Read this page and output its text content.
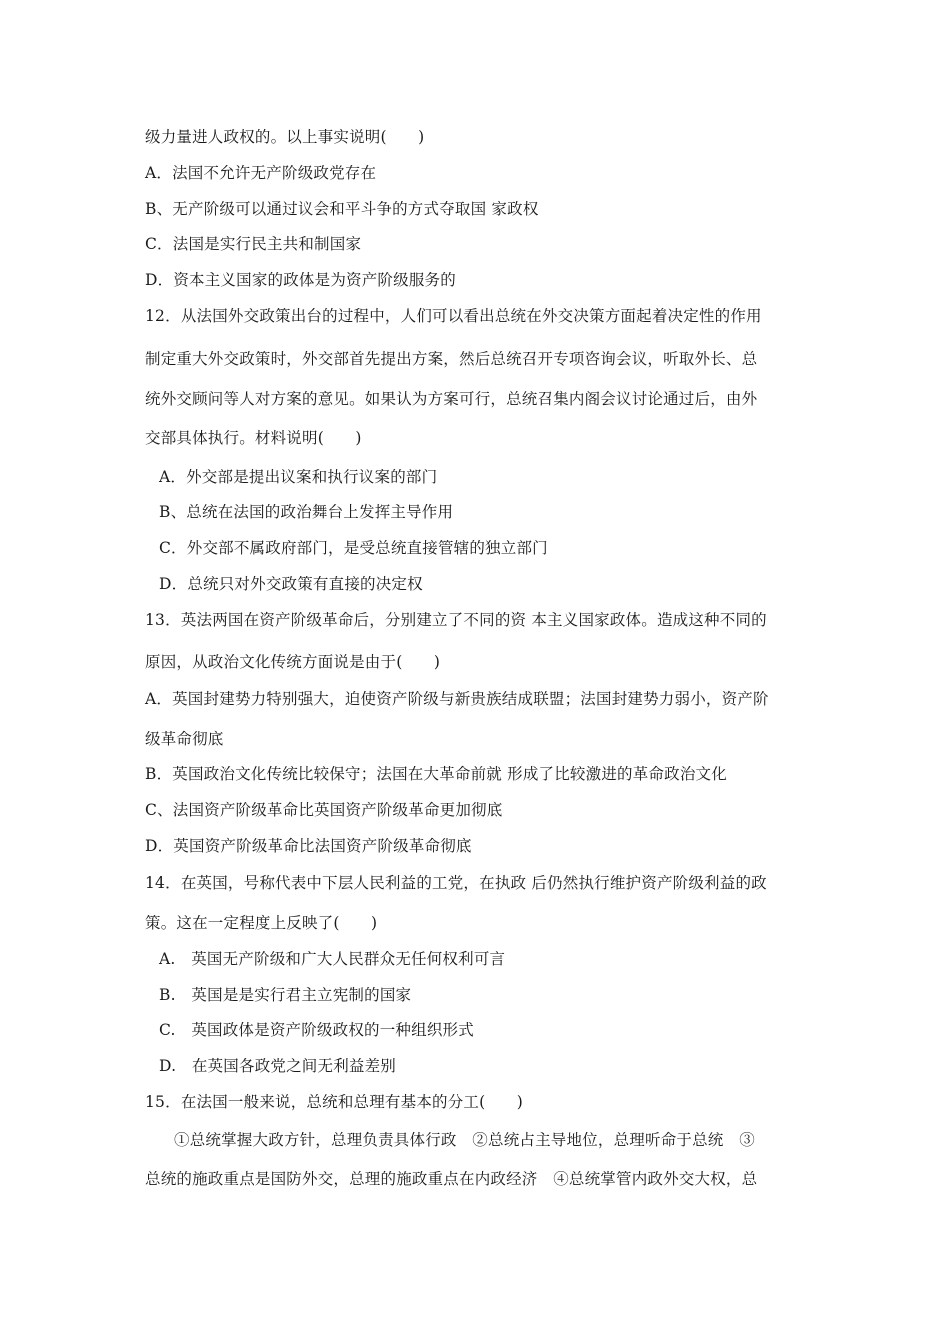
级力量进人政权的。以上事实说明(　　)
A．法国不允许无产阶级政党存在
B、无产阶级可以通过议会和平斗争的方式夺取国 家政权
C．法国是实行民主共和制国家
D．资本主义国家的政体是为资产阶级服务的
12．从法国外交政策出台的过程中，人们可以看出总统在外交决策方面起着决定性的作用
制定重大外交政策时，外交部首先提出方案，然后总统召开专项咨询会议，听取外长、总
统外交顾问等人对方案的意见。如果认为方案可行，总统召集内阁会议讨论通过后，由外
交部具体执行。材料说明(　　)
A．外交部是提出议案和执行议案的部门
B、总统在法国的政治舞台上发挥主导作用
C．外交部不属政府部门，是受总统直接管辖的独立部门
D．总统只对外交政策有直接的决定权
13．英法两国在资产阶级革命后，分别建立了不同的资 本主义国家政体。造成这种不同的
原因，从政治文化传统方面说是由于(　　)
A．英国封建势力特别强大，迫使资产阶级与新贵族结成联盟；法国封建势力弱小，资产阶
级革命彻底
B．英国政治文化传统比较保守；法国在大革命前就 形成了比较激进的革命政治文化
C、法国资产阶级革命比英国资产阶级革命更加彻底
D．英国资产阶级革命比法国资产阶级革命彻底
14．在英国，号称代表中下层人民利益的工党，在执政 后仍然执行维护资产阶级利益的政
策。这在一定程度上反映了(　　)
A.　英国无产阶级和广大人民群众无任何权利可言
B.　英国是是实行君主立宪制的国家
C.　英国政体是资产阶级政权的一种组织形式
D.　在英国各政党之间无利益差别
15．在法国一般来说，总统和总理有基本的分工(　　)
①总统掌握大政方针，总理负责具体行政　②总统占主导地位，总理听命于总统　③
总统的施政重点是国防外交，总理的施政重点在内政经济　④总统掌管内政外交大权，总
